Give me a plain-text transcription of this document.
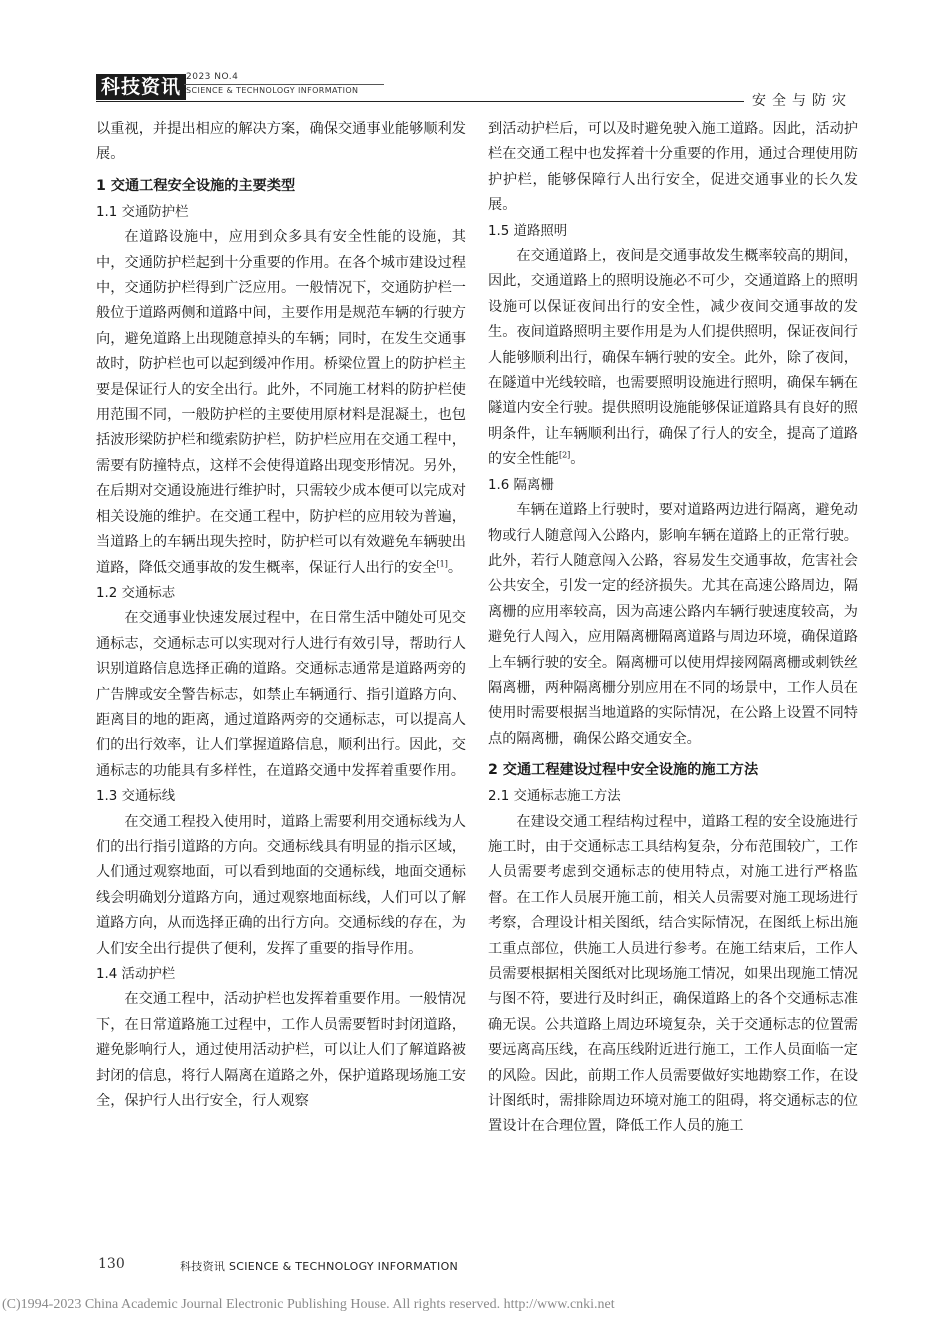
科技资讯 2023 NO.4
SCIENCE & TECHNOLOGY INFORMATION
安全与防灾

以重视，并提出相应的解决方案，确保交通事业能够顺利发展。

1 交通工程安全设施的主要类型
1.1 交通防护栏

在道路设施中，应用到众多具有安全性能的设施，其中，交通防护栏起到十分重要的作用。在各个城市建设过程中，交通防护栏得到广泛应用。一般情况下，交通防护栏一般位于道路两侧和道路中间，主要作用是规范车辆的行驶方向，避免道路上出现随意掉头的车辆；同时，在发生交通事故时，防护栏也可以起到缓冲作用。桥梁位置上的防护栏主要是保证行人的安全出行。此外，不同施工材料的防护栏使用范围不同，一般防护栏的主要使用原材料是混凝土，也包括波形梁防护栏和缆索防护栏，防护栏应用在交通工程中，需要有防撞特点，这样不会使得道路出现变形情况。另外，在后期对交通设施进行维护时，只需较少成本便可以完成对相关设施的维护。在交通工程中，防护栏的应用较为普遍，当道路上的车辆出现失控时，防护栏可以有效避免车辆驶出道路，降低交通事故的发生概率，保证行人出行的安全[1]。

1.2 交通标志

在交通事业快速发展过程中，在日常生活中随处可见交通标志，交通标志可以实现对行人进行有效引导，帮助行人识别道路信息选择正确的道路。交通标志通常是道路两旁的广告牌或安全警告标志，如禁止车辆通行、指引道路方向、距离目的地的距离，通过道路两旁的交通标志，可以提高人们的出行效率，让人们掌握道路信息，顺利出行。因此，交通标志的功能具有多样性，在道路交通中发挥着重要作用。

1.3 交通标线

在交通工程投入使用时，道路上需要利用交通标线为人们的出行指引道路的方向。交通标线具有明显的指示区域，人们通过观察地面，可以看到地面的交通标线，地面交通标线会明确划分道路方向，通过观察地面标线，人们可以了解道路方向，从而选择正确的出行方向。交通标线的存在，为人们安全出行提供了便利，发挥了重要的指导作用。

1.4 活动护栏

在交通工程中，活动护栏也发挥着重要作用。一般情况下，在日常道路施工过程中，工作人员需要暂时封闭道路，避免影响行人，通过使用活动护栏，可以让人们了解道路被封闭的信息，将行人隔离在道路之外，保护道路现场施工安全，保护行人出行安全，行人观察

到活动护栏后，可以及时避免驶入施工道路。因此，活动护栏在交通工程中也发挥着十分重要的作用，通过合理使用防护护栏，能够保障行人出行安全，促进交通事业的长久发展。

1.5 道路照明

在交通道路上，夜间是交通事故发生概率较高的期间，因此，交通道路上的照明设施必不可少，交通道路上的照明设施可以保证夜间出行的安全性，减少夜间交通事故的发生。夜间道路照明主要作用是为人们提供照明，保证夜间行人能够顺利出行，确保车辆行驶的安全。此外，除了夜间，在隧道中光线较暗，也需要照明设施进行照明，确保车辆在隧道内安全行驶。提供照明设施能够保证道路具有良好的照明条件，让车辆顺利出行，确保了行人的安全，提高了道路的安全性能[2]。

1.6 隔离栅

车辆在道路上行驶时，要对道路两边进行隔离，避免动物或行人随意闯入公路内，影响车辆在道路上的正常行驶。此外，若行人随意闯入公路，容易发生交通事故，危害社会公共安全，引发一定的经济损失。尤其在高速公路周边，隔离栅的应用率较高，因为高速公路内车辆行驶速度较高，为避免行人闯入，应用隔离栅隔离道路与周边环境，确保道路上车辆行驶的安全。隔离栅可以使用焊接网隔离栅或刺铁丝隔离栅，两种隔离栅分别应用在不同的场景中，工作人员在使用时需要根据当地道路的实际情况，在公路上设置不同特点的隔离栅，确保公路交通安全。

2 交通工程建设过程中安全设施的施工方法
2.1 交通标志施工方法

在建设交通工程结构过程中，道路工程的安全设施进行施工时，由于交通标志工具结构复杂，分布范围较广，工作人员需要考虑到交通标志的使用特点，对施工进行严格监督。在工作人员展开施工前，相关人员需要对施工现场进行考察，合理设计相关图纸，结合实际情况，在图纸上标出施工重点部位，供施工人员进行参考。在施工结束后，工作人员需要根据相关图纸对比现场施工情况，如果出现施工情况与图不符，要进行及时纠正，确保道路上的各个交通标志准确无误。公共道路上周边环境复杂，关于交通标志的位置需要远离高压线，在高压线附近进行施工，工作人员面临一定的风险。因此，前期工作人员需要做好实地勘察工作，在设计图纸时，需排除周边环境对施工的阻碍，将交通标志的位置设计在合理位置，降低工作人员的施工

130	科技资讯 SCIENCE & TECHNOLOGY INFORMATION
(C)1994-2023 China Academic Journal Electronic Publishing House. All rights reserved. http://www.cnki.net
